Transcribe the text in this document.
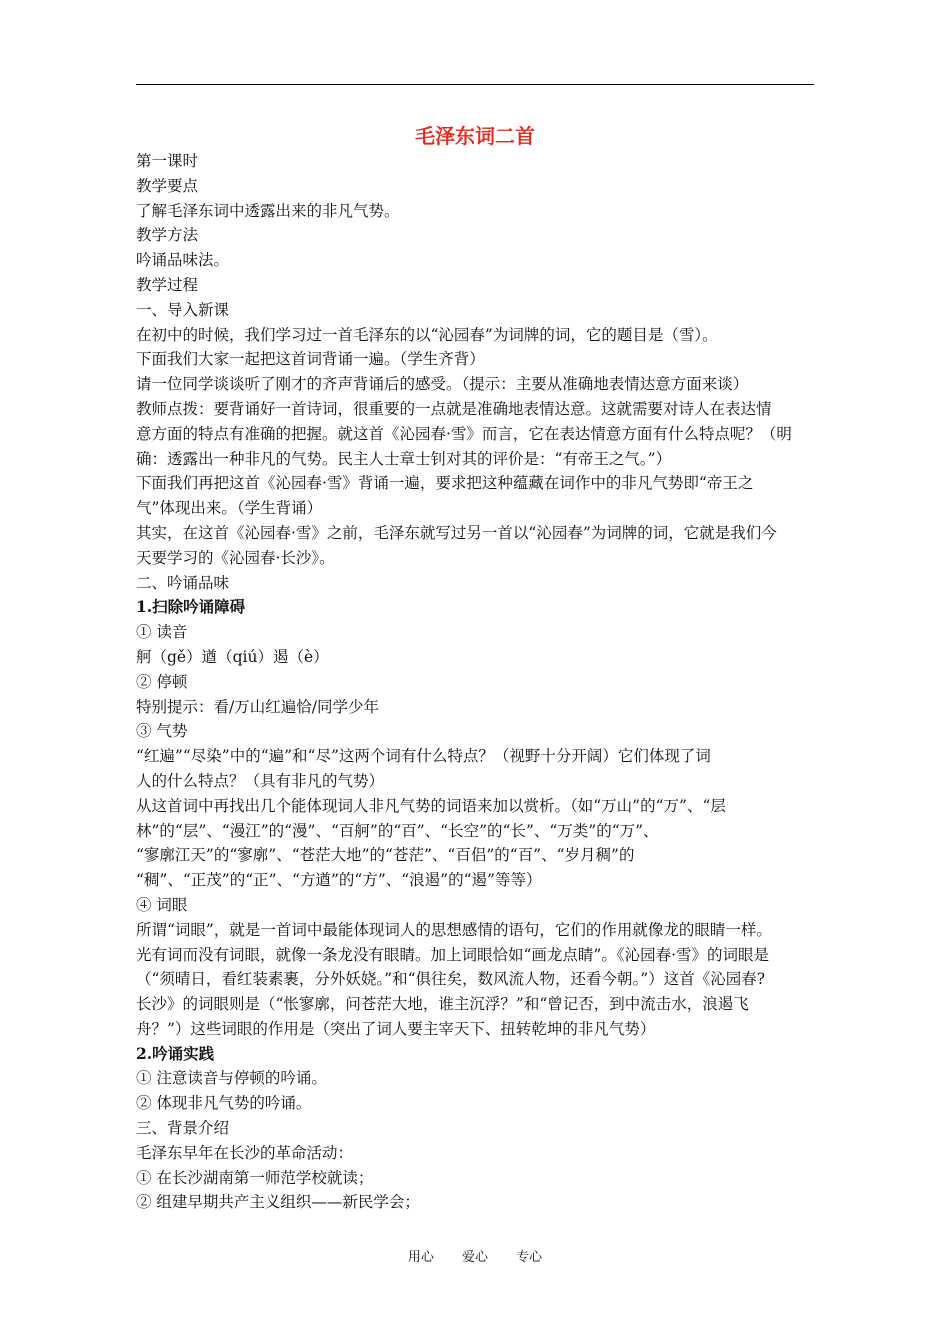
毛泽东词二首
第一课时
教学要点
了解毛泽东词中透露出来的非凡气势。
教学方法
吟诵品味法。
教学过程
一、导入新课
在初中的时候，我们学习过一首毛泽东的以“沁园春”为词牌的词，它的题目是（雪）。
下面我们大家一起把这首词背诵一遍。（学生齐背）
请一位同学谈谈听了刚才的齐声背诵后的感受。（提示：主要从准确地表情达意方面来谈）
教师点拨：要背诵好一首诗词，很重要的一点就是准确地表情达意。这就需要对诗人在表达情
意方面的特点有准确的把握。就这首《沁园春·雪》而言，它在表达情意方面有什么特点呢？（明
确：透露出一种非凡的气势。民主人士章士钊对其的评价是：“有帝王之气。”）
下面我们再把这首《沁园春·雪》背诵一遍，要求把这种蕴藏在词作中的非凡气势即“帝王之
气”体现出来。（学生背诵）
其实，在这首《沁园春·雪》之前，毛泽东就写过另一首以“沁园春”为词牌的词，它就是我们今
天要学习的《沁园春·长沙》。
二、吟诵品味
1.扫除吟诵障碍
① 读音
舸（gě）遒（qiú）遏（è）
② 停顿
特别提示：看/万山红遍恰/同学少年
③ 气势
“红遍”“尽染”中的“遍”和“尽”这两个词有什么特点？（视野十分开阔）它们体现了词
人的什么特点？（具有非凡的气势）
从这首词中再找出几个能体现词人非凡气势的词语来加以赏析。（如“万山”的“万”、“层
林”的“层”、“漫江”的“漫”、“百舸”的“百”、“长空”的“长”、“万类”的“万”、
“寥廓江天”的“寥廓”、“苍茫大地”的“苍茫”、“百侣”的“百”、“岁月稠”的
“稠”、“正茂”的“正”、“方遒”的“方”、“浪遏”的“遏”等等）
④ 词眼
所谓“词眼”，就是一首词中最能体现词人的思想感情的语句，它们的作用就像龙的眼睛一样。
光有词而没有词眼，就像一条龙没有眼睛。加上词眼恰如“画龙点睛”。《沁园春·雪》的词眼是
（“须晴日，看红装素裹，分外妖娆。”和“俱往矣，数风流人物，还看今朝。”）这首《沁园春?
长沙》的词眼则是（“怅寥廓，问苍茫大地，谁主沉浮？”和“曾记否，到中流击水，浪遏飞
舟？”）这些词眼的作用是（突出了词人要主宰天下、扭转乾坤的非凡气势）
2.吟诵实践
① 注意读音与停顿的吟诵。
② 体现非凡气势的吟诵。
三、背景介绍
毛泽东早年在长沙的革命活动：
① 在长沙湖南第一师范学校就读；
② 组建早期共产主义组织——新民学会；
用心 爱心 专心
